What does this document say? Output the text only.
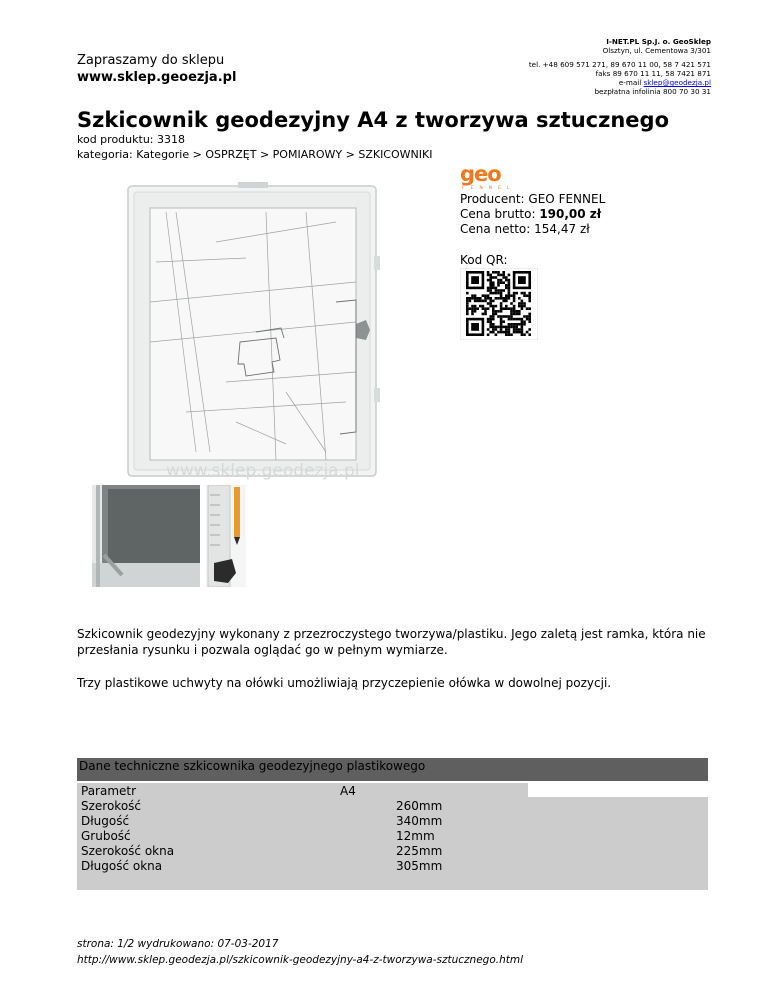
Zapraszamy do sklepu
www.sklep.geoezja.pl
I-NET.PL Sp.J. o. GeoSklep
Olsztyn, ul. Cementowa 3/301
tel. +48 609 571 271, 89 670 11 00, 58 7 421 571
faks 89 670 11 11, 58 7421 871
e-mail sklep@geodezja.pl
bezpłatna infolinia 800 70 30 31
Szkicownik geodezyjny A4 z tworzywa sztucznego
kod produktu: 3318
kategoria: Kategorie > OSPRZĘT > POMIAROWY > SZKICOWNIKI
www.sklep.geodezja.pl
geo
FENNEL
Producent: GEO FENNEL
Cena brutto: 190,00 zł
Cena netto: 154,47 zł
Kod QR:

Szkicownik geodezyjny wykonany z przezroczystego tworzywa/plastiku. Jego zaletą jest ramka, która nie przesłania rysunku i pozwala oglądać go w pełnym wymiarze.

Trzy plastikowe uchwyty na ołówki umożliwiają przyczepienie ołówka w dowolnej pozycji.

Dane techniczne szkicownika geodezyjnego plastikowego
Parametr	A4
Szerokość	260mm
Długość	340mm
Grubość	12mm
Szerokość okna	225mm
Długość okna	305mm
strona: 1/2 wydrukowano: 07-03-2017
http://www.sklep.geodezja.pl/szkicownik-geodezyjny-a4-z-tworzywa-sztucznego.html
